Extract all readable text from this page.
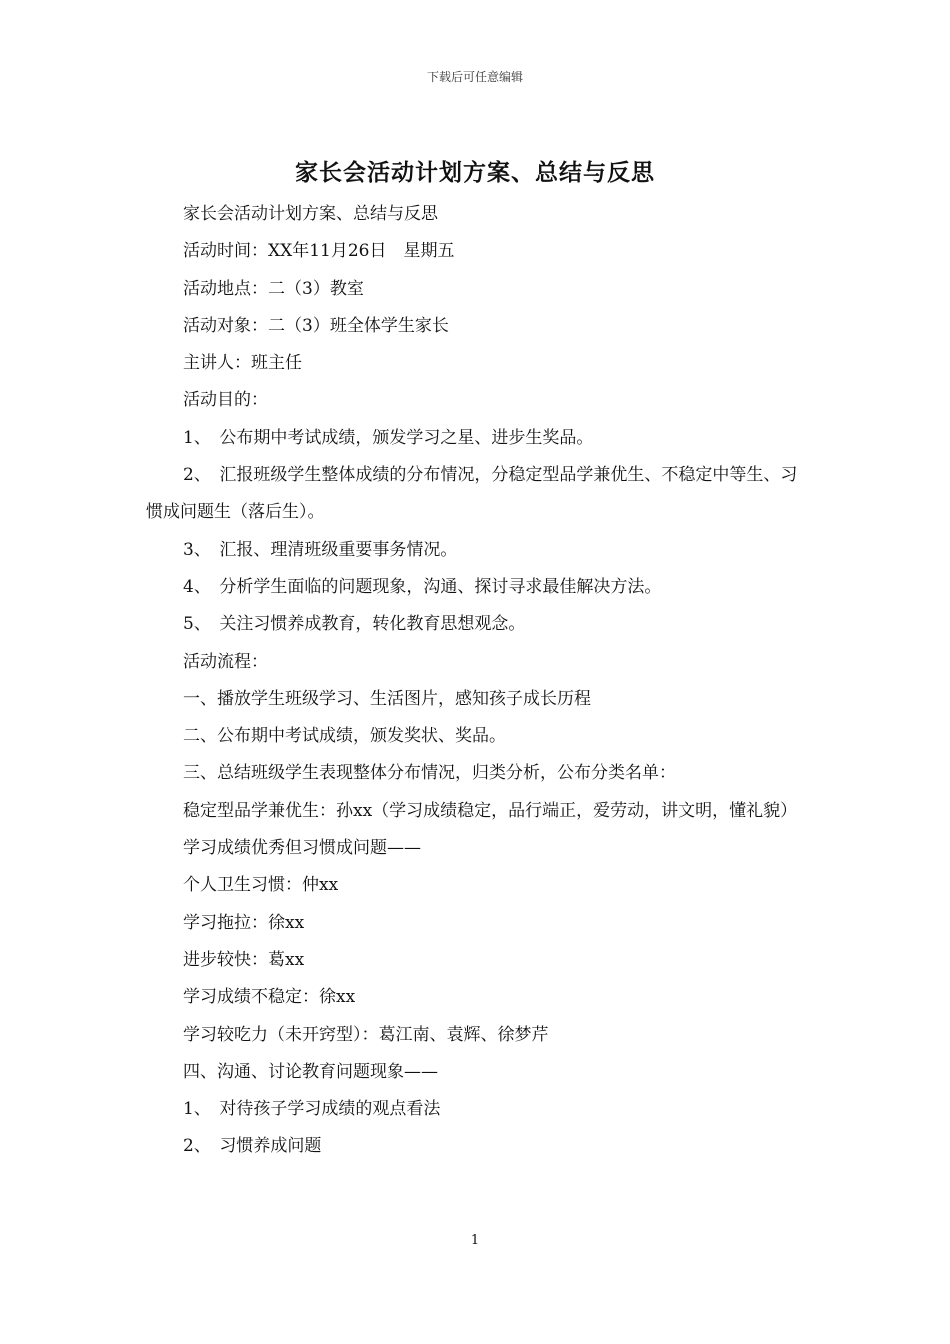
下载后可任意编辑
家长会活动计划方案、总结与反思

家长会活动计划方案、总结与反思

活动时间：XX年11月26日　星期五

活动地点：二（3）教室

活动对象：二（3）班全体学生家长

主讲人：班主任

活动目的：

1、　公布期中考试成绩，颁发学习之星、进步生奖品。

2、　汇报班级学生整体成绩的分布情况，分稳定型品学兼优生、不稳定中等生、习惯成问题生（落后生）。

3、　汇报、理清班级重要事务情况。

4、　分析学生面临的问题现象，沟通、探讨寻求最佳解决方法。

5、　关注习惯养成教育，转化教育思想观念。

活动流程：

一、播放学生班级学习、生活图片，感知孩子成长历程

二、公布期中考试成绩，颁发奖状、奖品。

三、总结班级学生表现整体分布情况，归类分析，公布分类名单：

稳定型品学兼优生：孙xx（学习成绩稳定，品行端正，爱劳动，讲文明，懂礼貌）

学习成绩优秀但习惯成问题——

个人卫生习惯：仲xx

学习拖拉：徐xx

进步较快：葛xx

学习成绩不稳定：徐xx

学习较吃力（未开窍型）：葛江南、袁辉、徐梦芹

四、沟通、讨论教育问题现象——

1、　对待孩子学习成绩的观点看法

2、　习惯养成问题

1
